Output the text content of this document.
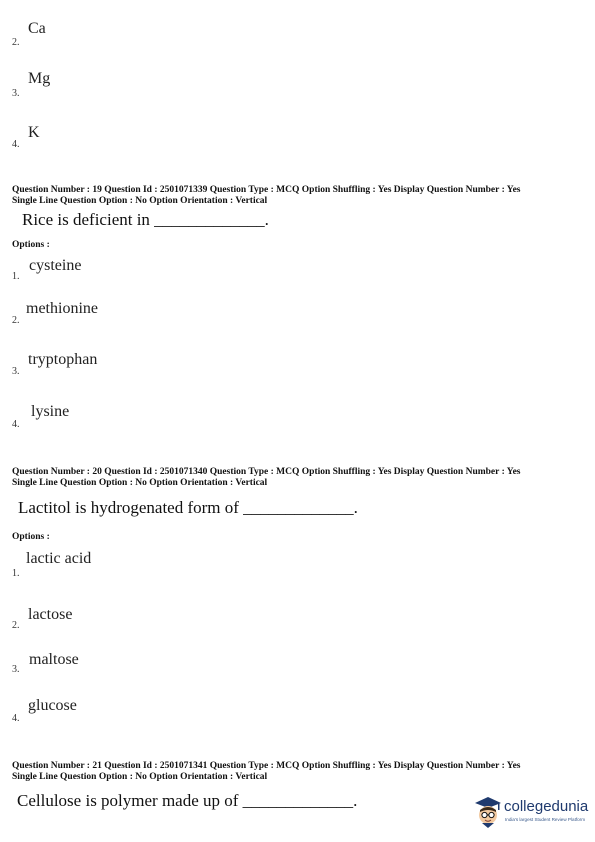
2.
Ca
3.
Mg
4.
K
Question Number : 19 Question Id : 2501071339 Question Type : MCQ Option Shuffling : Yes Display Question Number : Yes
Single Line Question Option : No Option Orientation : Vertical
Rice is deficient in _____________.
Options :
1.
cysteine
2.
methionine
3.
tryptophan
4.
lysine
Question Number : 20 Question Id : 2501071340 Question Type : MCQ Option Shuffling : Yes Display Question Number : Yes
Single Line Question Option : No Option Orientation : Vertical
Lactitol is hydrogenated form of _____________.
Options :
1.
lactic acid
2.
lactose
3.
maltose
4.
glucose
Question Number : 21 Question Id : 2501071341 Question Type : MCQ Option Shuffling : Yes Display Question Number : Yes
Single Line Question Option : No Option Orientation : Vertical
Cellulose is polymer made up of _____________.	collegedunia
India's largest Student Review Platform
